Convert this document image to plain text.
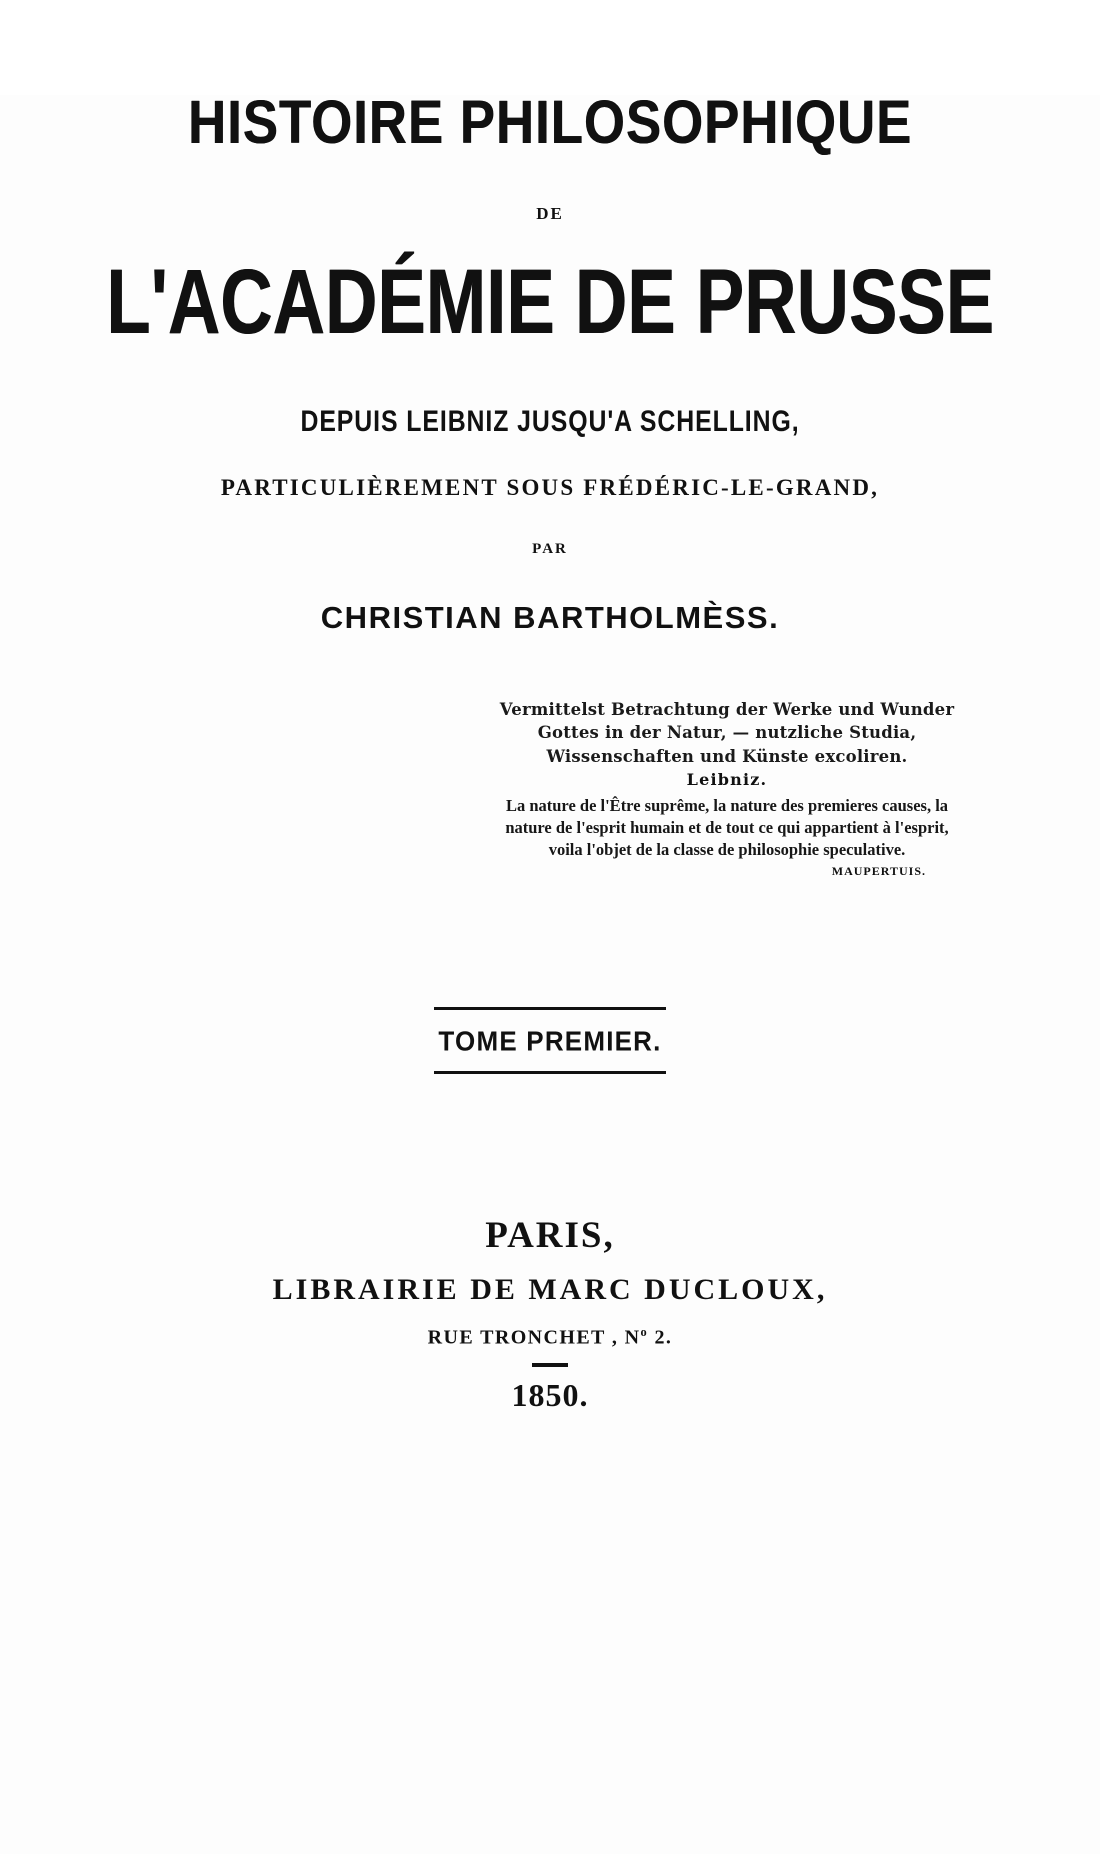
HISTOIRE PHILOSOPHIQUE
DE
L'ACADÉMIE DE PRUSSE
DEPUIS LEIBNIZ JUSQU'A SCHELLING,
PARTICULIÈREMENT SOUS FRÉDÉRIC-LE-GRAND,
PAR
CHRISTIAN BARTHOLMÈSS.
Vermittelst Betrachtung der Werke und Wunder Gottes in der Natur, — nutzliche Studia, Wissenschaften und Künste excoliren.
Leibniz.
La nature de l'Être suprême, la nature des premieres causes, la nature de l'esprit humain et de tout ce qui appartient à l'esprit, voila l'objet de la classe de philosophie speculative.
MAUPERTUIS.
TOME PREMIER.
PARIS,
LIBRAIRIE DE MARC DUCLOUX,
RUE TRONCHET , $N^o$ 2.
1850.
